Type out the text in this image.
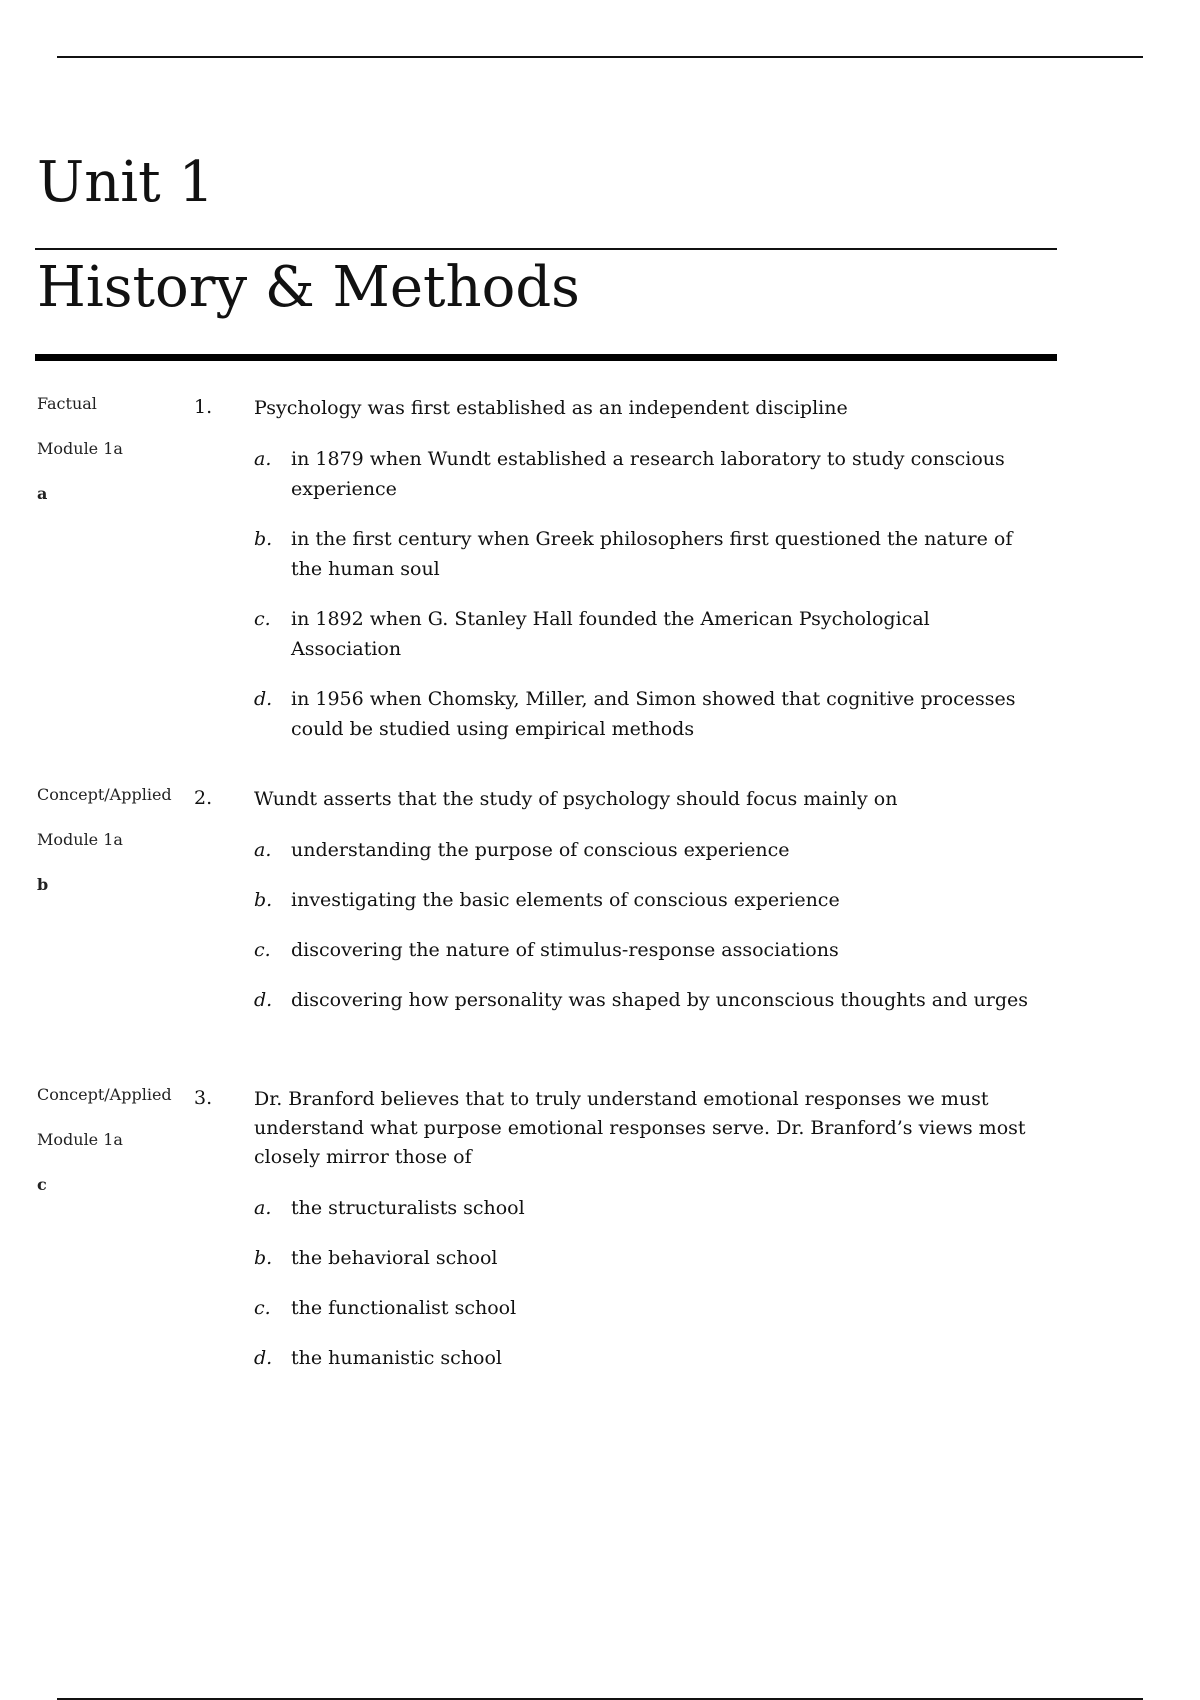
Unit 1
History & Methods
Factual
Module 1a
a
1. Psychology was first established as an independent discipline

a. in 1879 when Wundt established a research laboratory to study conscious experience
b. in the first century when Greek philosophers first questioned the nature of the human soul
c. in 1892 when G. Stanley Hall founded the American Psychological Association
d. in 1956 when Chomsky, Miller, and Simon showed that cognitive processes could be studied using empirical methods
Concept/Applied
Module 1a
b
2. Wundt asserts that the study of psychology should focus mainly on

a. understanding the purpose of conscious experience
b. investigating the basic elements of conscious experience
c. discovering the nature of stimulus-response associations
d. discovering how personality was shaped by unconscious thoughts and urges
Concept/Applied
Module 1a
c
3. Dr. Branford believes that to truly understand emotional responses we must understand what purpose emotional responses serve. Dr. Branford’s views most closely mirror those of

a. the structuralists school
b. the behavioral school
c. the functionalist school
d. the humanistic school
